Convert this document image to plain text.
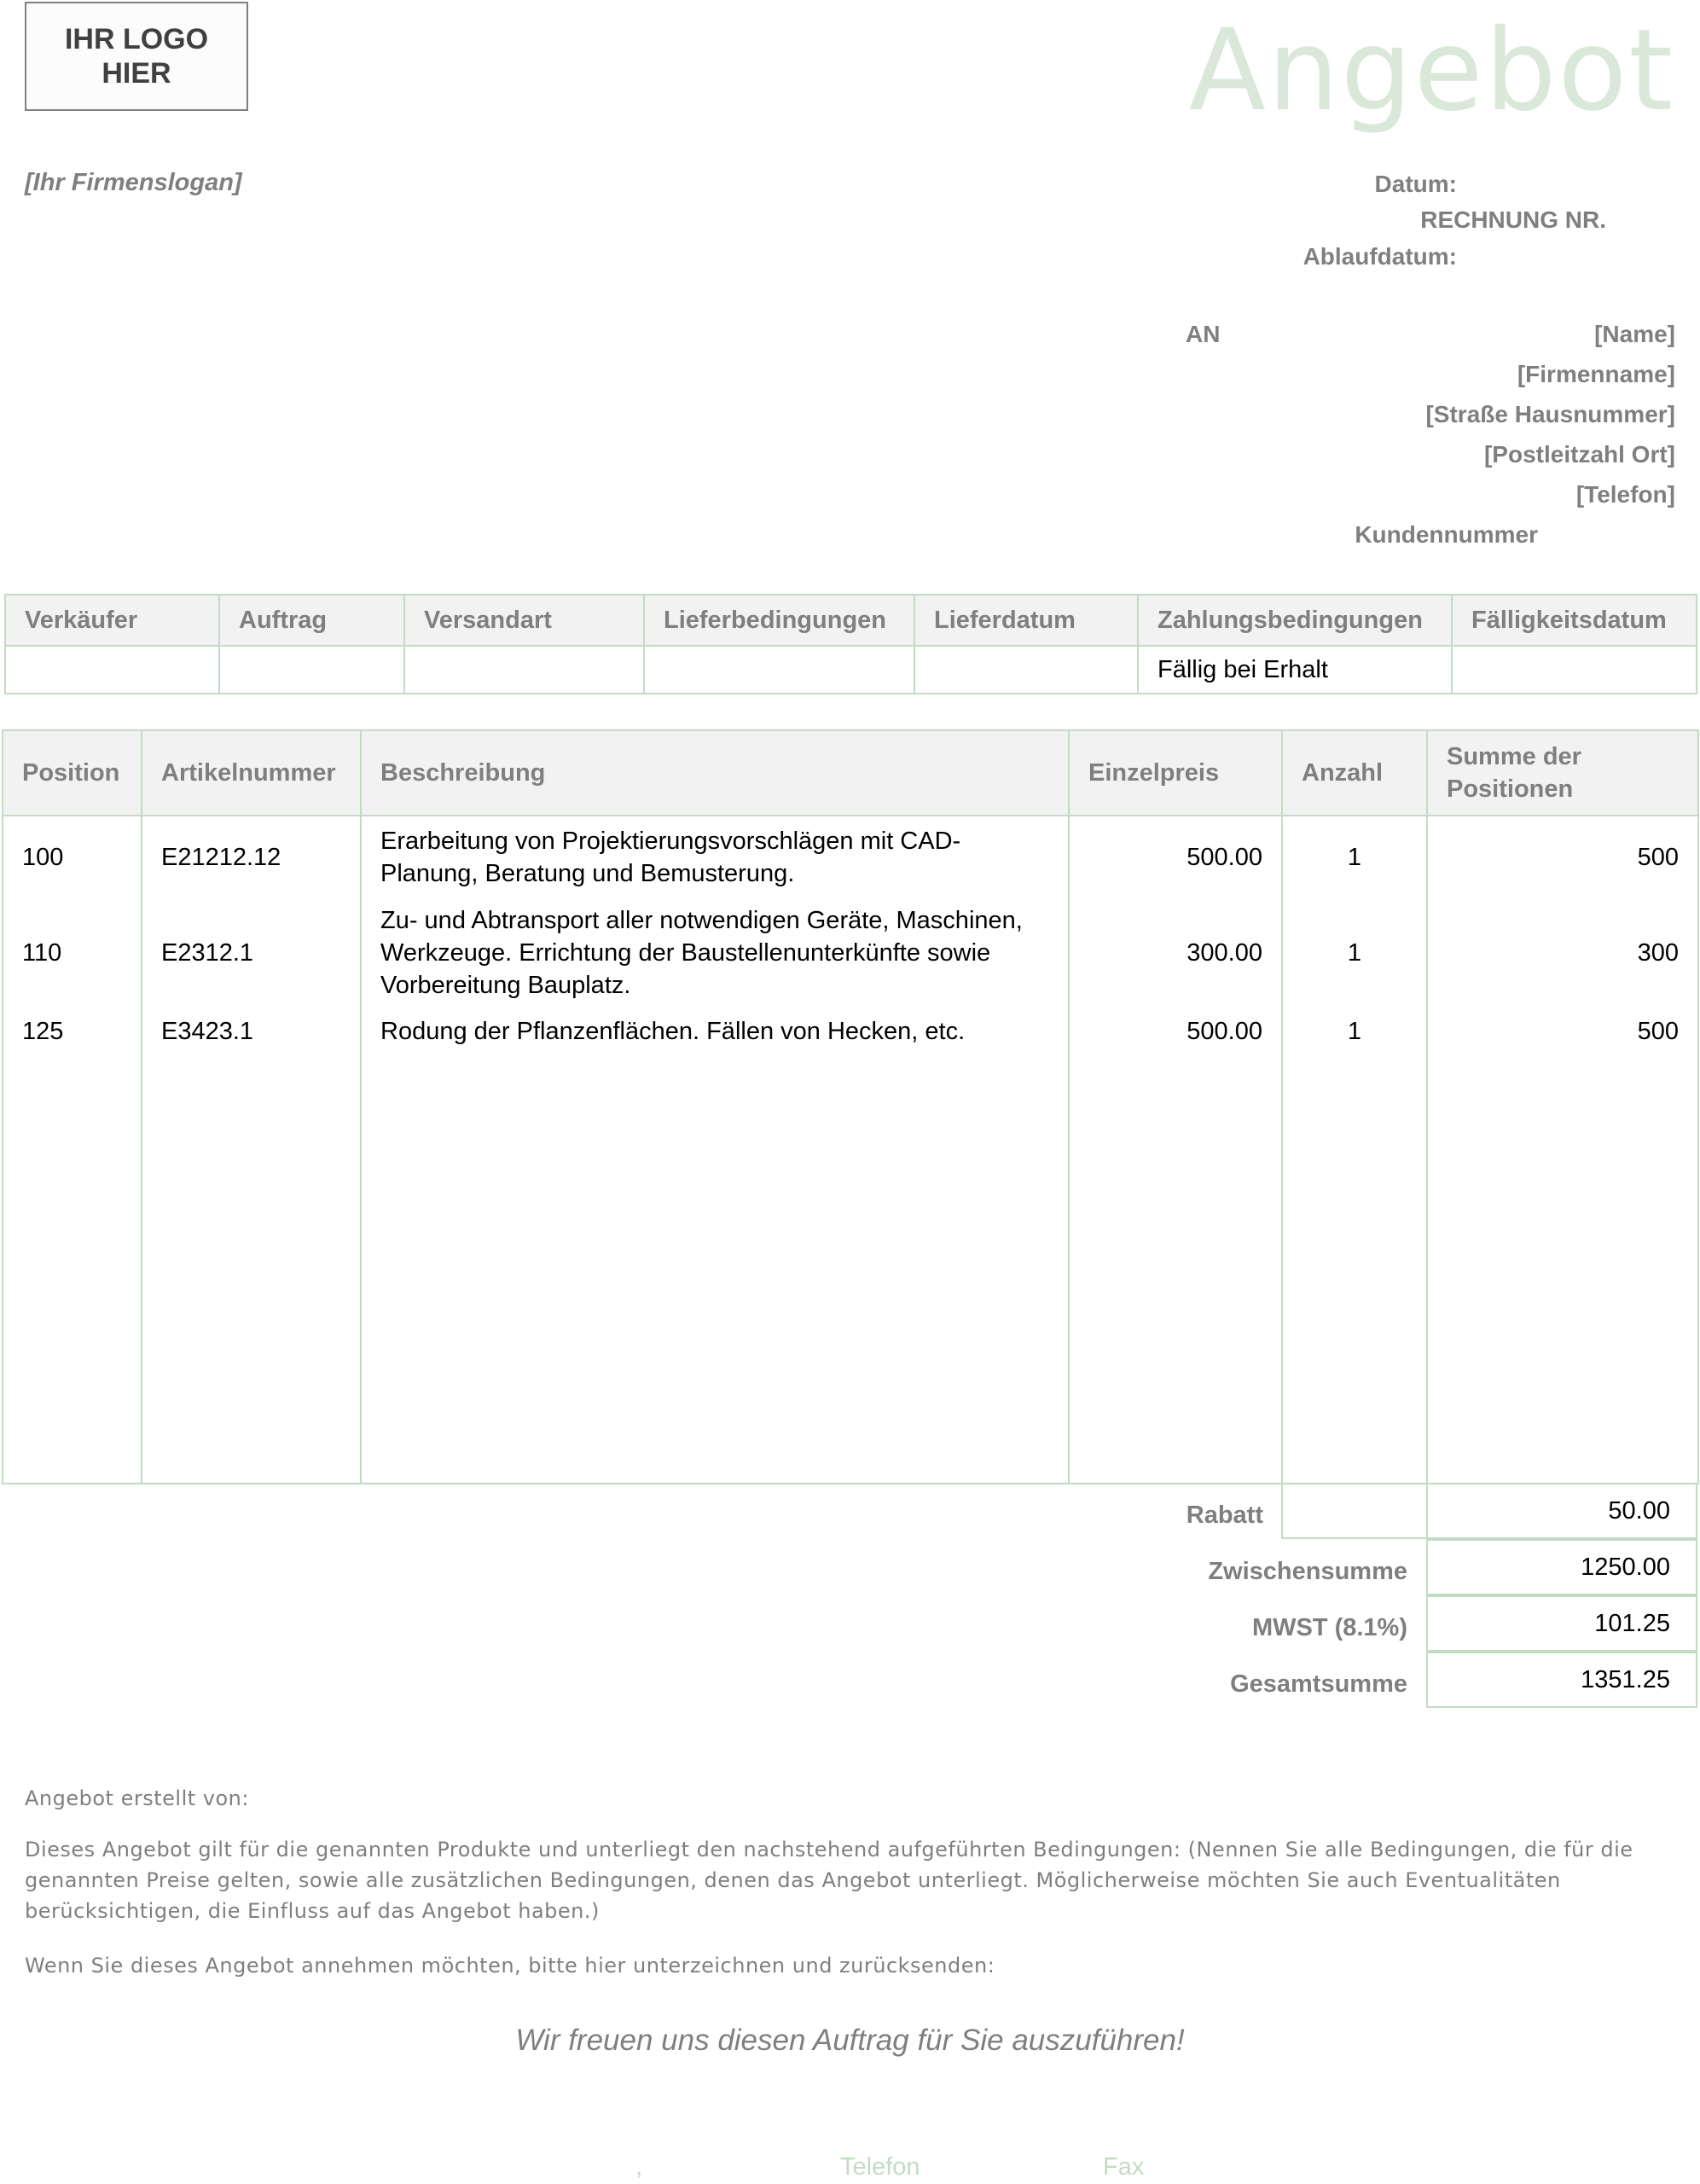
IHR LOGO
HIER	Angebot
[Ihr Firmenslogan]	Datum:
RECHNUNG NR.
Ablaufdatum:
AN	[Name]
[Firmenname]
[Straße Hausnummer]
[Postleitzahl Ort]
[Telefon]
Kundennummer
Verkäufer	Auftrag	Versandart	Lieferbedingungen	Lieferdatum	Zahlungsbedingungen	Fälligkeitsdatum
					Fällig bei Erhalt	
Position	Artikelnummer	Beschreibung	Einzelpreis	Anzahl	Summe der Positionen
100	E21212.12	Erarbeitung von Projektierungsvorschlägen mit CAD-Planung, Beratung und Bemusterung.	500.00	1	500
110	E2312.1	Zu- und Abtransport aller notwendigen Geräte, Maschinen, Werkzeuge. Errichtung der Baustellenunterkünfte sowie Vorbereitung Bauplatz.	300.00	1	300
125	E3423.1	Rodung der Pflanzenflächen. Fällen von Hecken, etc.	500.00	1	500

Rabatt	50.00
Zwischensumme	1250.00
MWST (8.1%)	101.25
Gesamtsumme	1351.25
Angebot erstellt von:
Dieses Angebot gilt für die genannten Produkte und unterliegt den nachstehend aufgeführten Bedingungen: (Nennen Sie alle Bedingungen, die für die genannten Preise gelten, sowie alle zusätzlichen Bedingungen, denen das Angebot unterliegt. Möglicherweise möchten Sie auch Eventualitäten berücksichtigen, die Einfluss auf das Angebot haben.)
Wenn Sie dieses Angebot annehmen möchten, bitte hier unterzeichnen und zurücksenden:
Wir freuen uns diesen Auftrag für Sie auszuführen!
,	Telefon	Fax
